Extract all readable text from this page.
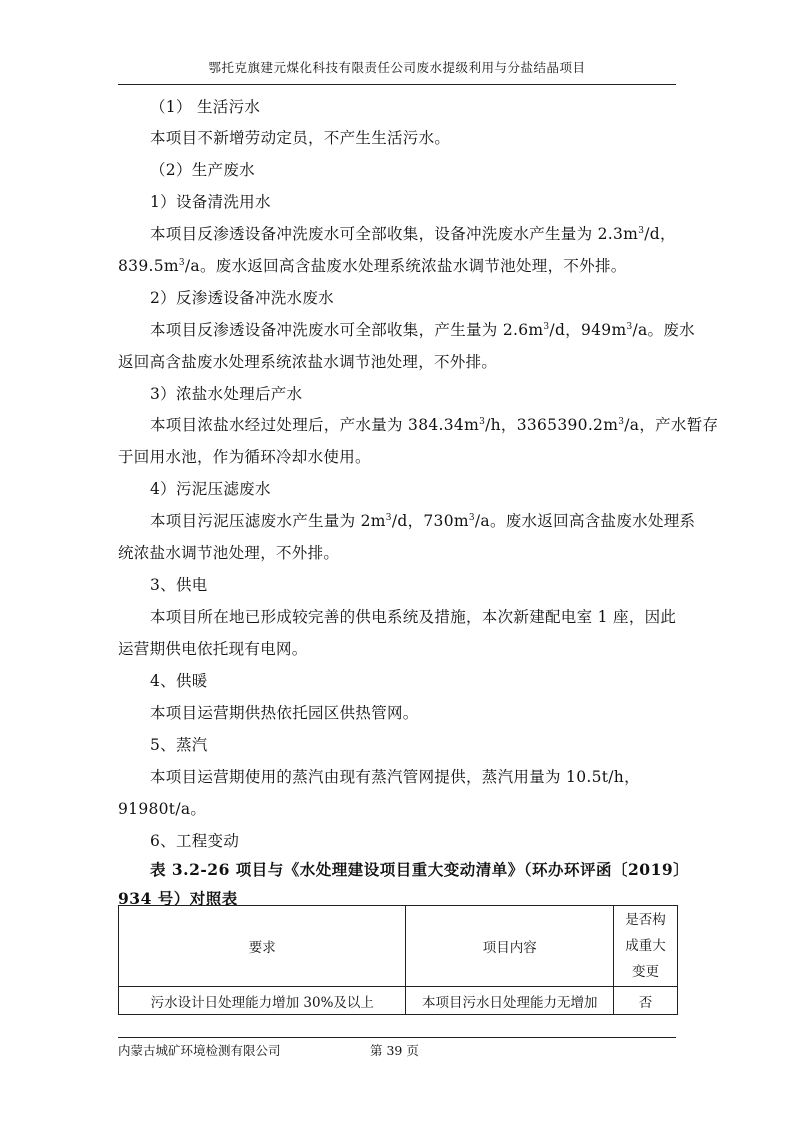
鄂托克旗建元煤化科技有限责任公司废水提级利用与分盐结晶项目
（1） 生活污水
本项目不新增劳动定员，不产生生活污水。
（2）生产废水
1）设备清洗用水
本项目反渗透设备冲洗废水可全部收集，设备冲洗废水产生量为 $2.3m^3/d$，
$839.5m^3/a$。废水返回高含盐废水处理系统浓盐水调节池处理，不外排。
2）反渗透设备冲洗水废水
本项目反渗透设备冲洗废水可全部收集，产生量为 $2.6m^3/d$，$949m^3/a$。废水
返回高含盐废水处理系统浓盐水调节池处理，不外排。
3）浓盐水处理后产水
本项目浓盐水经过处理后，产水量为 $384.34m^3/h$，$3365390.2m^3/a$，产水暂存
于回用水池，作为循环冷却水使用。
4）污泥压滤废水
本项目污泥压滤废水产生量为 $2m^3/d$，$730m^3/a$。废水返回高含盐废水处理系
统浓盐水调节池处理，不外排。
3、供电
本项目所在地已形成较完善的供电系统及措施，本次新建配电室 1 座，因此
运营期供电依托现有电网。
4、供暖
本项目运营期供热依托园区供热管网。
5、蒸汽
本项目运营期使用的蒸汽由现有蒸汽管网提供，蒸汽用量为 10.5t/h，
91980t/a。
6、工程变动
表 3.2-26 项目与《水处理建设项目重大变动清单》（环办环评函〔2019〕
934 号）对照表
要求	项目内容	是否构
成重大
变更

污水设计日处理能力增加 30%及以上	本项目污水日处理能力无增加	否
内蒙古城矿环境检测有限公司	第 39 页
